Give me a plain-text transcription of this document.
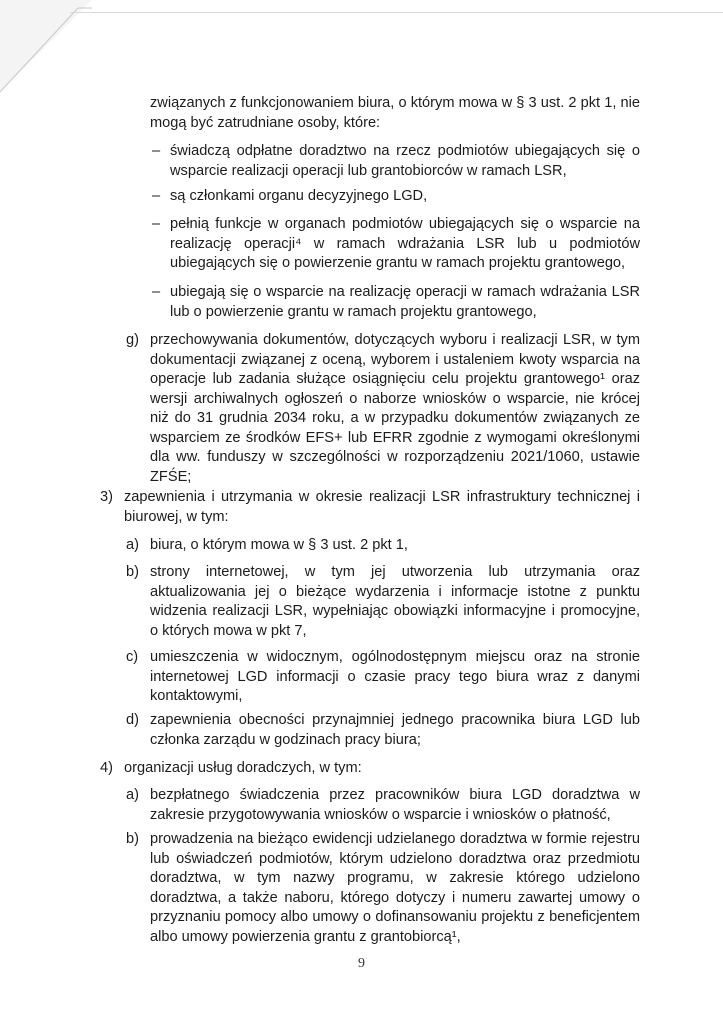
związanych z funkcjonowaniem biura, o którym mowa w § 3 ust. 2 pkt 1, nie mogą być zatrudniane osoby, które:
– świadczą odpłatne doradztwo na rzecz podmiotów ubiegających się o wsparcie realizacji operacji lub grantobiorców w ramach LSR,
– są członkami organu decyzyjnego LGD,
– pełnią funkcje w organach podmiotów ubiegających się o wsparcie na realizację operacji⁴ w ramach wdrażania LSR lub u podmiotów ubiegających się o powierzenie grantu w ramach projektu grantowego,
– ubiegają się o wsparcie na realizację operacji w ramach wdrażania LSR lub o powierzenie grantu w ramach projektu grantowego,
g) przechowywania dokumentów, dotyczących wyboru i realizacji LSR, w tym dokumentacji związanej z oceną, wyborem i ustaleniem kwoty wsparcia na operacje lub zadania służące osiągnięciu celu projektu grantowego¹ oraz wersji archiwalnych ogłoszeń o naborze wniosków o wsparcie, nie krócej niż do 31 grudnia 2034 roku, a w przypadku dokumentów związanych ze wsparciem ze środków EFS+ lub EFRR zgodnie z wymogami określonymi dla ww. funduszy w szczególności w rozporządzeniu 2021/1060, ustawie ZFŚE;
3) zapewnienia i utrzymania w okresie realizacji LSR infrastruktury technicznej i biurowej, w tym:
a) biura, o którym mowa w § 3 ust. 2 pkt 1,
b) strony internetowej, w tym jej utworzenia lub utrzymania oraz aktualizowania jej o bieżące wydarzenia i informacje istotne z punktu widzenia realizacji LSR, wypełniając obowiązki informacyjne i promocyjne, o których mowa w pkt 7,
c) umieszczenia w widocznym, ogólnodostępnym miejscu oraz na stronie internetowej LGD informacji o czasie pracy tego biura wraz z danymi kontaktowymi,
d) zapewnienia obecności przynajmniej jednego pracownika biura LGD lub członka zarządu w godzinach pracy biura;
4) organizacji usług doradczych, w tym:
a) bezpłatnego świadczenia przez pracowników biura LGD doradztwa w zakresie przygotowywania wniosków o wsparcie i wniosków o płatność,
b) prowadzenia na bieżąco ewidencji udzielanego doradztwa w formie rejestru lub oświadczeń podmiotów, którym udzielono doradztwa oraz przedmiotu doradztwa, w tym nazwy programu, w zakresie którego udzielono doradztwa, a także naboru, którego dotyczy i numeru zawartej umowy o przyznaniu pomocy albo umowy o dofinansowaniu projektu z beneficjentem albo umowy powierzenia grantu z grantobiorcą¹,
9
